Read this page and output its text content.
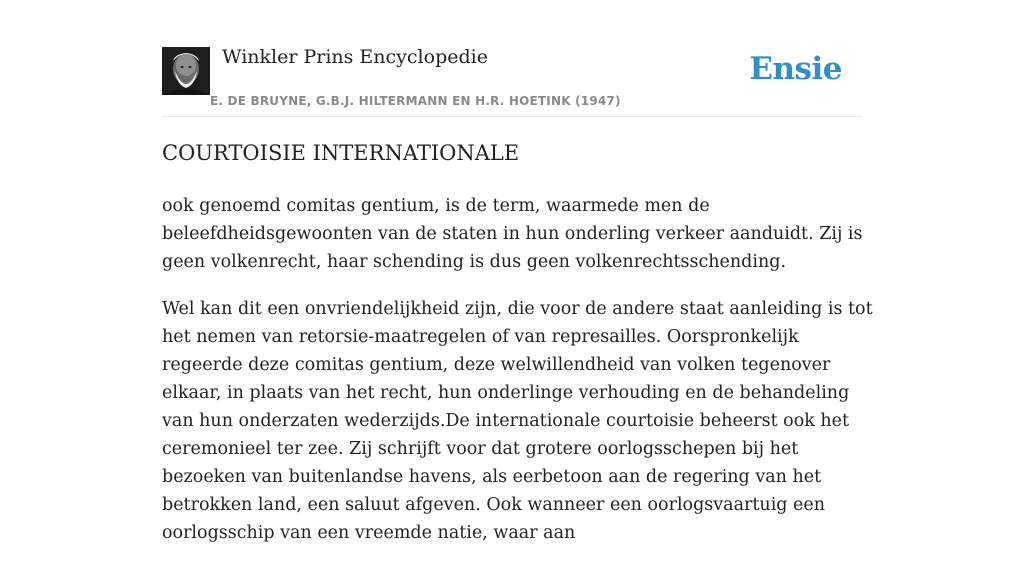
Winkler Prins Encyclopedie
E. DE BRUYNE, G.B.J. HILTERMANN EN H.R. HOETINK (1947)
Ensie
COURTOISIE INTERNATIONALE

ook genoemd comitas gentium, is de term, waarmede men de beleefdheidsgewoonten van de staten in hun onderling verkeer aanduidt. Zij is geen volkenrecht, haar schending is dus geen volkenrechtsschending.

Wel kan dit een onvriendelijkheid zijn, die voor de andere staat aanleiding is tot het nemen van retorsie-maatregelen of van represailles. Oorspronkelijk regeerde deze comitas gentium, deze welwillendheid van volken tegenover elkaar, in plaats van het recht, hun onderlinge verhouding en de behandeling van hun onderzaten wederzijds.De internationale courtoisie beheerst ook het ceremonieel ter zee. Zij schrijft voor dat grotere oorlogsschepen bij het bezoeken van buitenlandse havens, als eerbetoon aan de regering van het betrokken land, een saluut afgeven. Ook wanneer een oorlogsvaartuig een oorlogsschip van een vreemde natie, waar aan
